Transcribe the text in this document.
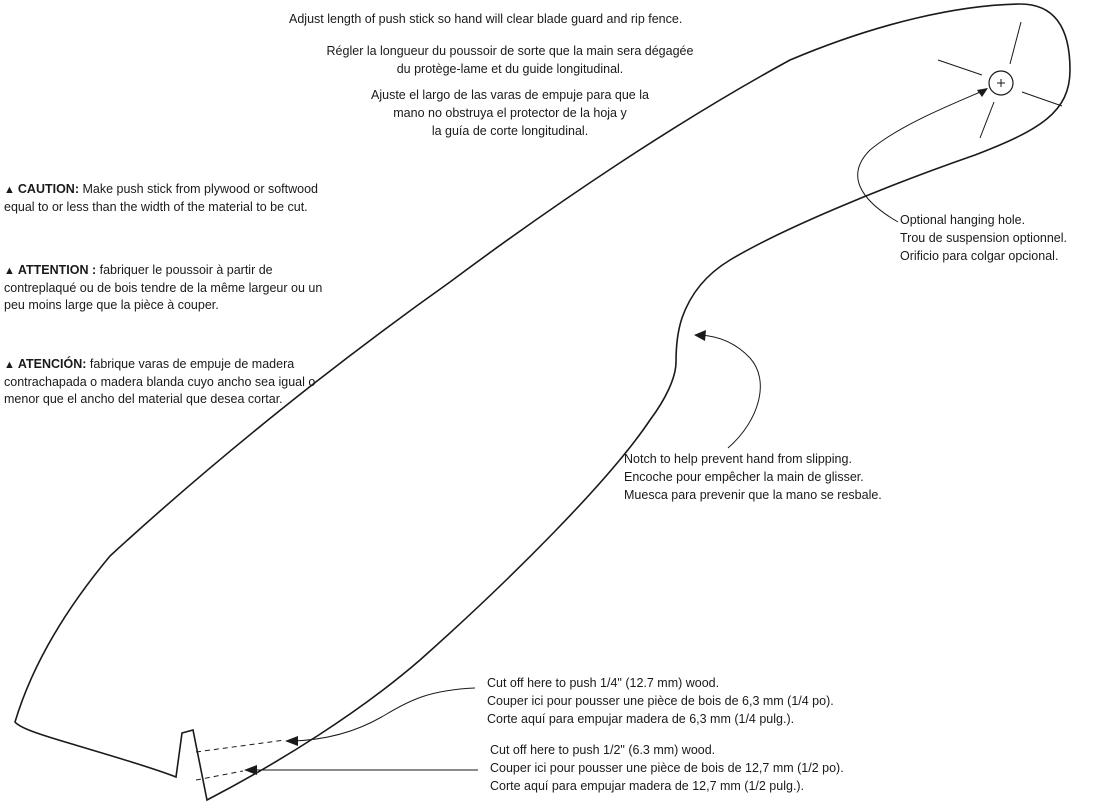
Adjust length of push stick so hand will clear blade guard and rip fence.
Régler la longueur du poussoir de sorte que la main sera dégagée
du protège-lame et du guide longitudinal.
Ajuste el largo de las varas de empuje para que la
mano no obstruya el protector de la hoja y
la guía de corte longitudinal.
▲ CAUTION: Make push stick from plywood or softwood equal to or less than the width of the material to be cut.
▲ ATTENTION : fabriquer le poussoir à partir de contreplaqué ou de bois tendre de la même largeur ou un peu moins large que la pièce à couper.
▲ ATENCIÓN: fabrique varas de empuje de madera contrachapada o madera blanda cuyo ancho sea igual o menor que el ancho del material que desea cortar.
Optional hanging hole.
Trou de suspension optionnel.
Orificio para colgar opcional.
Notch to help prevent hand from slipping.
Encoche pour empêcher la main de glisser.
Muesca para prevenir que la mano se resbale.
Cut off here to push 1/4" (12.7 mm) wood.
Couper ici pour pousser une pièce de bois de 6,3 mm (1/4 po).
Corte aquí para empujar madera de 6,3 mm (1/4 pulg.).
Cut off here to push 1/2" (6.3 mm) wood.
Couper ici pour pousser une pièce de bois de 12,7 mm (1/2 po).
Corte aquí para empujar madera de 12,7 mm (1/2 pulg.).
